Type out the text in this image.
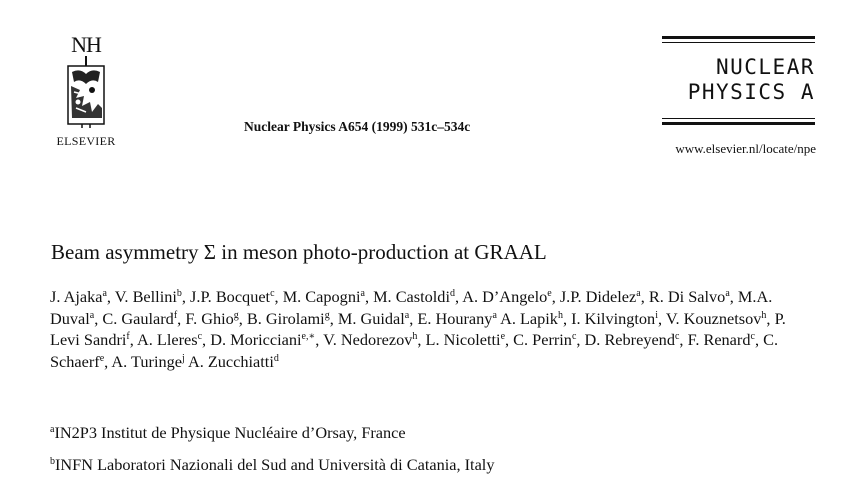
NH
ELSEVIER
Nuclear Physics A654 (1999) 531c–534c
NUCLEAR
PHYSICS A
www.elsevier.nl/locate/npe
Beam asymmetry Σ in meson photo-production at GRAAL
J. Ajaka$^a$, V. Bellini$^b$, J.P. Bocquet$^c$, M. Capogni$^a$, M. Castoldi$^d$, A. D’Angelo$^e$, J.P. Didelez$^a$, R. Di Salvo$^a$, M.A. Duval$^a$, C. Gaulard$^f$, F. Ghio$^g$, B. Girolami$^g$, M. Guidal$^a$, E. Hourany$^a$ A. Lapik$^h$, I. Kilvington$^i$, V. Kouznetsov$^h$, P. Levi Sandri$^f$, A. Lleres$^c$, D. Moricciani$^{e,∗}$, V. Nedorezov$^h$, L. Nicoletti$^e$, C. Perrin$^c$, D. Rebreyend$^c$, F. Renard$^c$, C. Schaerf$^e$, A. Turinge$^j$ A. Zucchiatti$^d$
$^a$IN2P3 Institut de Physique Nucléaire d’Orsay, France
$^b$INFN Laboratori Nazionali del Sud and Università di Catania, Italy
